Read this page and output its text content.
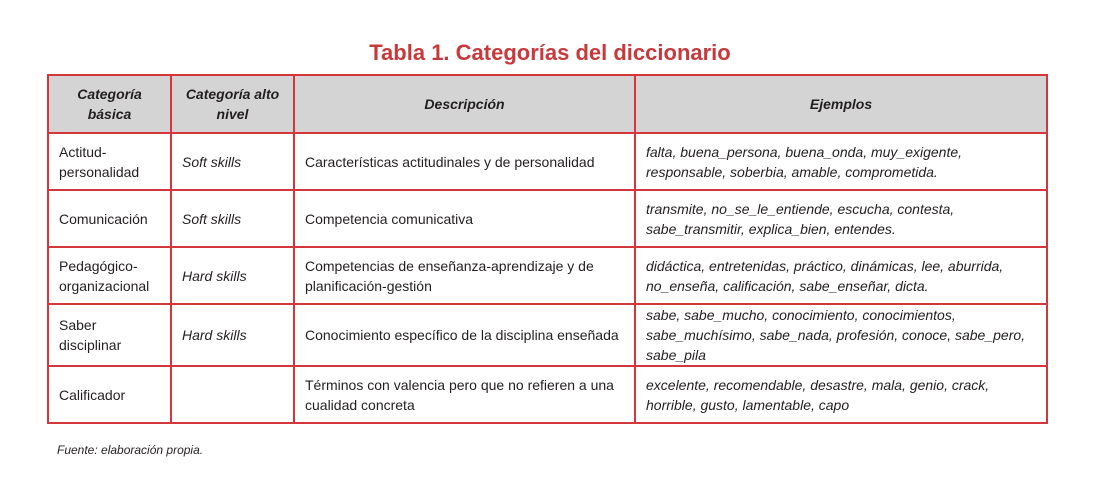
Tabla 1. Categorías del diccionario
Categoría básica	Categoría alto nivel	Descripción	Ejemplos
Actitud-personalidad	Soft skills	Características actitudinales y de personalidad	falta, buena_persona, buena_onda, muy_exigente, responsable, soberbia, amable, comprometida.
Comunicación	Soft skills	Competencia comunicativa	transmite, no_se_le_entiende, escucha, contesta, sabe_transmitir, explica_bien, entendes.
Pedagógico-organizacional	Hard skills	Competencias de enseñanza-aprendizaje y de planificación-gestión	didáctica, entretenidas, práctico, dinámicas, lee, aburrida, no_enseña, calificación, sabe_enseñar, dicta.
Saber disciplinar	Hard skills	Conocimiento específico de la disciplina enseñada	sabe, sabe_mucho, conocimiento, conocimientos, sabe_muchísimo, sabe_nada, profesión, conoce, sabe_pero, sabe_pila
Calificador		Términos con valencia pero que no refieren a una cualidad concreta	excelente, recomendable, desastre, mala, genio, crack, horrible, gusto, lamentable, capo
Fuente: elaboración propia.
